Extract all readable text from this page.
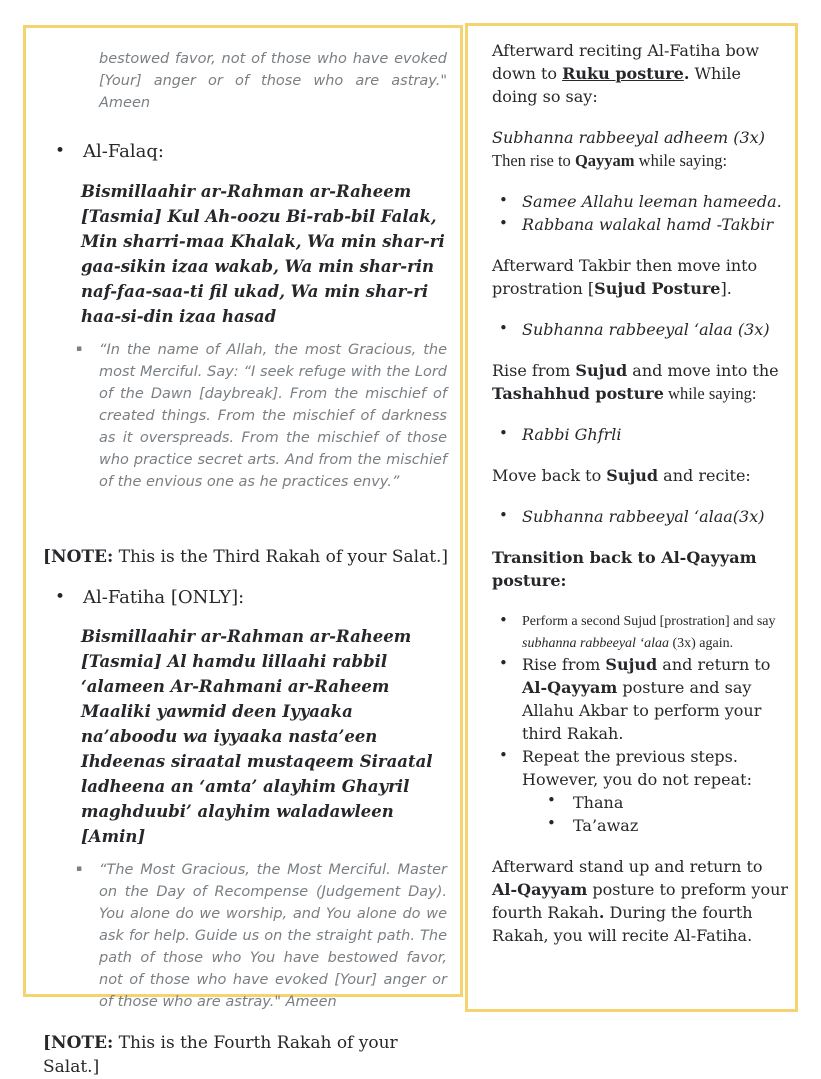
bestowed favor, not of those who have evoked [Your] anger or of those who are astray." Ameen

• Al-Falaq:

Bismillaahir ar-Rahman ar-Raheem [Tasmia] Kul Ah-oozu Bi-rab-bil Falak, Min sharri-maa Khalak, Wa min shar-ri gaa-sikin izaa wakab, Wa min shar-rin naf-faa-saa-ti fil ukad, Wa min shar-ri haa-si-din izaa hasad

▪	“In the name of Allah, the most Gracious, the most Merciful. Say: “I seek refuge with the Lord of the Dawn [daybreak]. From the mischief of created things. From the mischief of darkness as it overspreads. From the mischief of those who practice secret arts. And from the mischief of the envious one as he practices envy.”

[NOTE: This is the Third Rakah of your Salat.]

• Al-Fatiha [ONLY]:

Bismillaahir ar-Rahman ar-Raheem [Tasmia] Al hamdu lillaahi rabbil ‘alameen Ar-Rahmani ar-Raheem Maaliki yawmid deen Iyyaaka na’aboodu wa iyyaaka nasta’een Ihdeenas siraatal mustaqeem Siraatal ladheena an ‘amta’ alayhim Ghayril maghduubi’ alayhim waladawleen [Amin]

▪	“The Most Gracious, the Most Merciful. Master on the Day of Recompense (Judgement Day). You alone do we worship, and You alone do we ask for help. Guide us on the straight path. The path of those who You have bestowed favor, not of those who have evoked [Your] anger or of those who are astray." Ameen

[NOTE: This is the Fourth Rakah of your Salat.]

Afterward reciting Al-Fatiha bow down to Ruku posture. While doing so say:

Subhanna rabbeeyal adheem (3x)

Then rise to Qayyam while saying:

• Samee Allahu leeman hameeda.
• Rabbana walakal hamd -Takbir

Afterward Takbir then move into prostration [Sujud Posture].

• Subhanna rabbeeyal ‘alaa (3x)

Rise from Sujud and move into the Tashahhud posture while saying:

• Rabbi Ghfrli

Move back to Sujud and recite:

• Subhanna rabbeeyal ‘alaa(3x)

Transition back to Al-Qayyam posture:

•	Perform a second Sujud [prostration] and say subhanna rabbeeyal ‘alaa (3x) again.
• Rise from Sujud and return to Al-Qayyam posture and say Allahu Akbar to perform your third Rakah.
• Repeat the previous steps. However, you do not repeat:
•	Thana
•	Ta’awaz

Afterward stand up and return to Al-Qayyam posture to preform your fourth Rakah. During the fourth Rakah, you will recite Al-Fatiha.
